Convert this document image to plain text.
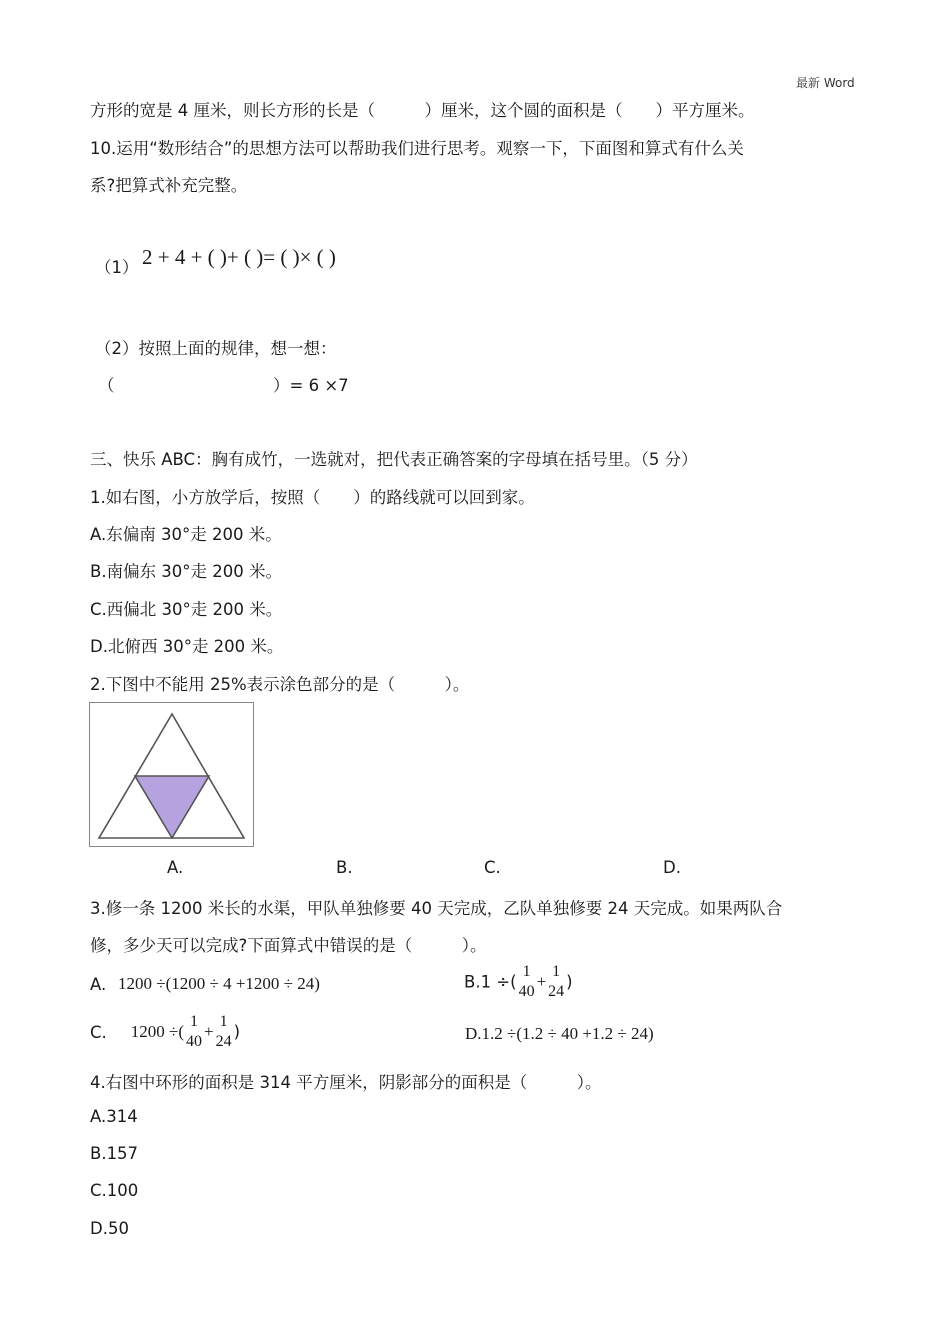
最新 Word
方形的宽是 4 厘米，则长方形的长是（　　　）厘米，这个圆的面积是（　　）平方厘米。
10.运用“数形结合”的思想方法可以帮助我们进行思考。观察一下，下面图和算式有什么关
系?把算式补充完整。
（1） 2 + 4 + ( )+ ( )= ( )× ( )
（2）按照上面的规律，想一想：
（	）= 6 ×7
三、快乐 ABC：胸有成竹，一选就对，把代表正确答案的字母填在括号里。（5 分）
1.如右图，小方放学后，按照（　　）的路线就可以回到家。
A.东偏南 30°走 200 米。
B.南偏东 30°走 200 米。
C.西偏北 30°走 200 米。
D.北俯西 30°走 200 米。
2.下图中不能用 25%表示涂色部分的是（　　　）。
A.	B.	C.	D.
3.修一条 1200 米长的水渠，甲队单独修要 40 天完成，乙队单独修要 24 天完成。如果两队合
修，多少天可以完成?下面算式中错误的是（　　　）。
A. 1200 ÷(1200 ÷ 4 +1200 ÷ 24)	B.1 ÷(
1
40
+
1
24 )
C. 1200 ÷(
1
40
+
1
24 )	D.1.2 ÷(1.2 ÷ 40 +1.2 ÷ 24)
4.右图中环形的面积是 314 平方厘米，阴影部分的面积是（　　　）。
A.314
B.157
C.100
D.50
